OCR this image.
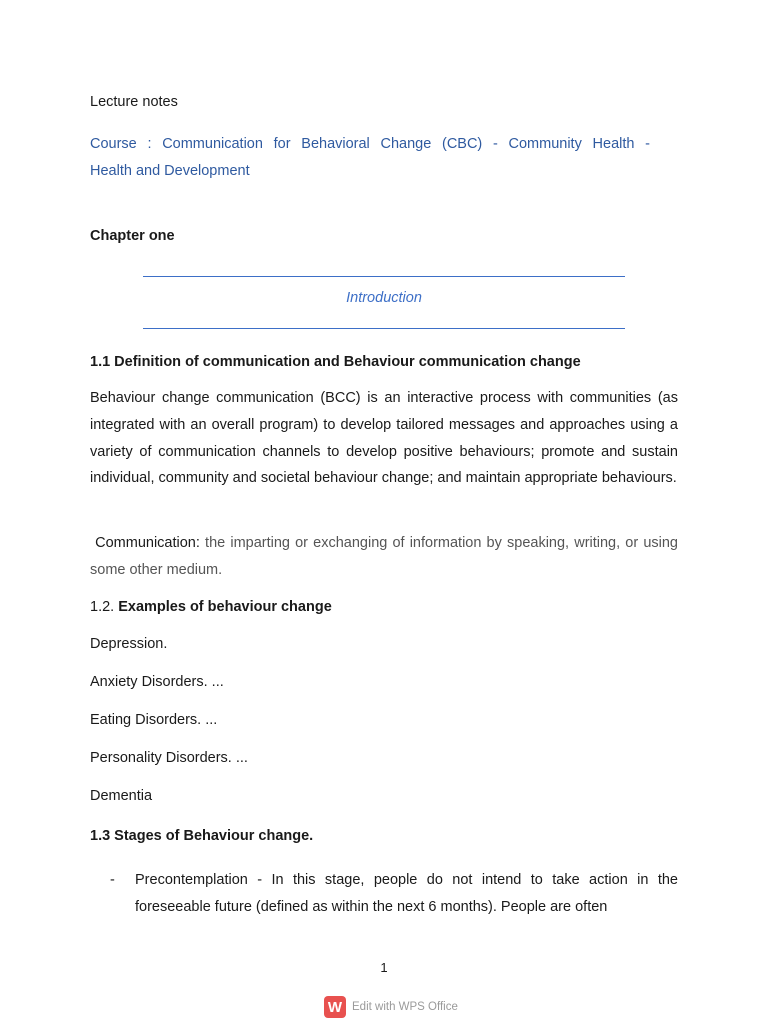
Lecture notes
Course : Communication for Behavioral Change (CBC) - Community Health -
Health and Development
Chapter one
Introduction
1.1 Definition of communication and Behaviour communication change
Behaviour change communication (BCC) is an interactive process with communities (as integrated with an overall program) to develop tailored messages and approaches using a variety of communication channels to develop positive behaviours; promote and sustain individual, community and societal behaviour change; and maintain appropriate behaviours.
Communication: the imparting or exchanging of information by speaking, writing, or using some other medium.
1.2. Examples of behaviour change
Depression.
Anxiety Disorders. ...
Eating Disorders. ...
Personality Disorders. ...
Dementia
1.3 Stages of Behaviour change.
- Precontemplation - In this stage, people do not intend to take action in the foreseeable future (defined as within the next 6 months). People are often
1
W Edit with WPS Office
